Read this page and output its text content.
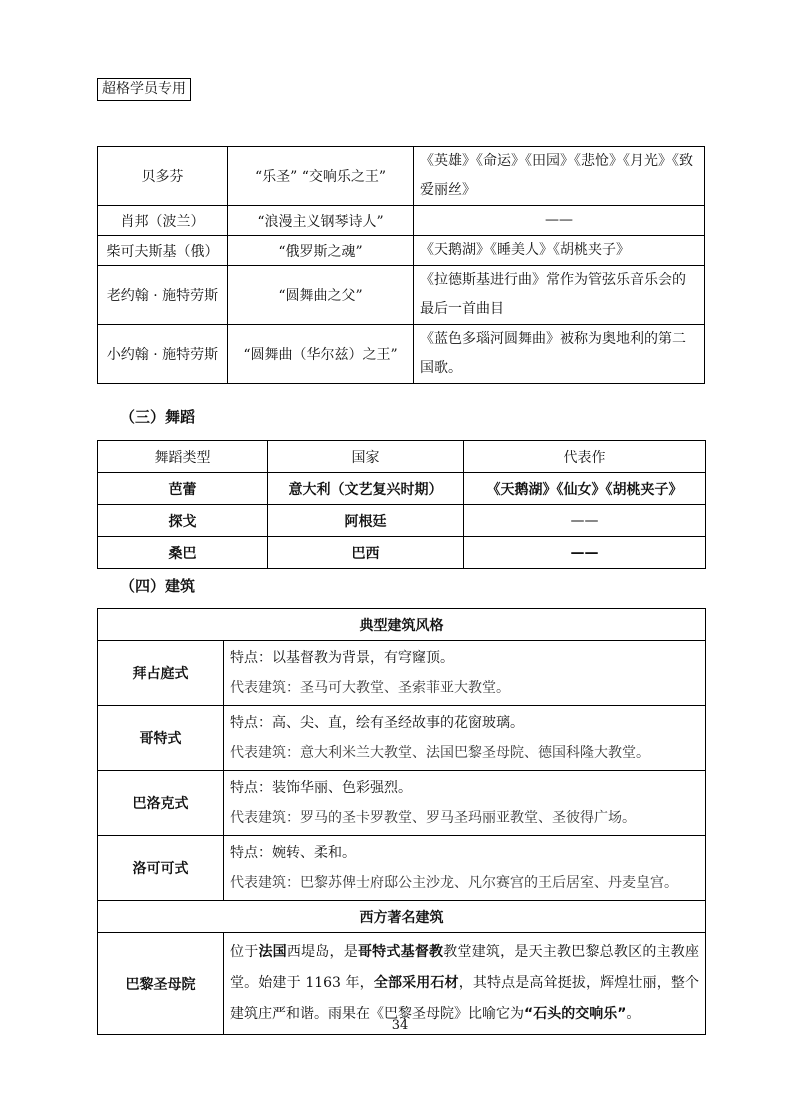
超格学员专用
贝多芬	“乐圣” “交响乐之王”	《英雄》《命运》《田园》《悲怆》《月光》《致爱丽丝》
肖邦（波兰）	“浪漫主义钢琴诗人”	——
柴可夫斯基（俄）	“俄罗斯之魂”	《天鹅湖》《睡美人》《胡桃夹子》
老约翰 · 施特劳斯	“圆舞曲之父”	《拉德斯基进行曲》常作为管弦乐音乐会的最后一首曲目
小约翰 · 施特劳斯	“圆舞曲（华尔兹）之王”	《蓝色多瑙河圆舞曲》被称为奥地利的第二国歌。
（三）舞蹈
舞蹈类型	国家	代表作
芭蕾	意大利（文艺复兴时期）	《天鹅湖》《仙女》《胡桃夹子》
探戈	阿根廷	——
桑巴	巴西	——
（四）建筑
典型建筑风格	
拜占庭式	特点：以基督教为背景，有穹窿顶。
代表建筑：圣马可大教堂、圣索菲亚大教堂。

哥特式	特点：高、尖、直，绘有圣经故事的花窗玻璃。
代表建筑：意大利米兰大教堂、法国巴黎圣母院、德国科隆大教堂。

巴洛克式	特点：装饰华丽、色彩强烈。
代表建筑：罗马的圣卡罗教堂、罗马圣玛丽亚教堂、圣彼得广场。

洛可可式	特点：婉转、柔和。
代表建筑：巴黎苏俾士府邸公主沙龙、凡尔赛宫的王后居室、丹麦皇宫。

西方著名建筑	
巴黎圣母院	位于法国西堤岛，是哥特式基督教教堂建筑，是天主教巴黎总教区的主教座堂。始建于 1163 年，全部采用石材，其特点是高耸挺拔，辉煌壮丽，整个建筑庄严和谐。雨果在《巴黎圣母院》比喻它为“石头的交响乐”。
34
